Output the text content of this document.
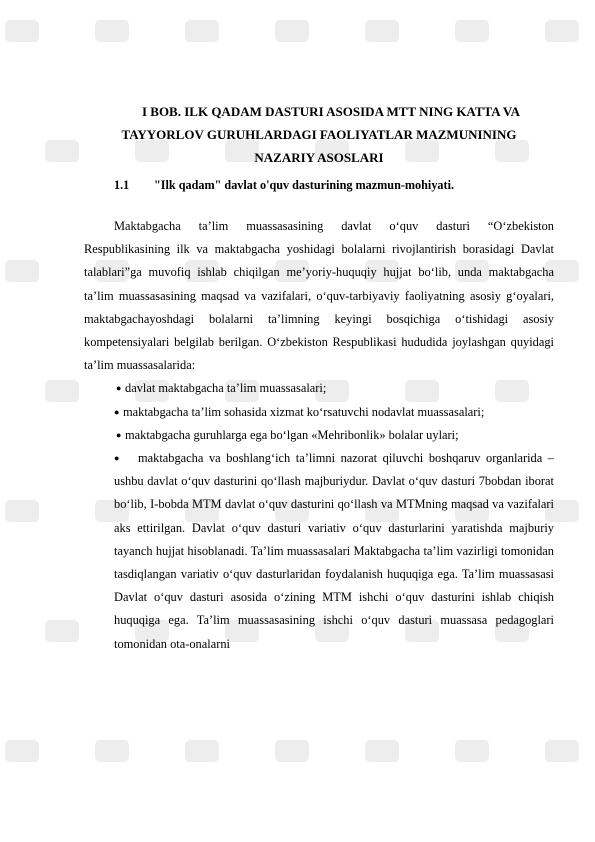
I BOB. ILK QADAM DASTURI ASOSIDA MTT NING KATTA VA
TAYYORLOV GURUHLARDAGI FAOLIYATLAR MAZMUNINING
NAZARIY ASOSLARI
1.1 "Ilk qadam" davlat o'quv dasturining mazmun-mohiyati.

Maktabgacha ta’lim muassasasining davlat o‘quv dasturi “O‘zbekiston Respublikasining ilk va maktabgacha yoshidagi bolalarni rivojlantirish borasidagi Davlat talablari”ga muvofiq ishlab chiqilgan me’yoriy-huquqiy hujjat bo‘lib, unda maktabgacha ta’lim muassasasining maqsad va vazifalari, o‘quv-tarbiyaviy faoliyatning asosiy g‘oyalari, maktabgachayoshdagi bolalarni ta’limning keyingi bosqichiga o‘tishidagi asosiy kompetensiyalari belgilab berilgan. O‘zbekiston Respublikasi hududida joylashgan quyidagi ta’lim muassasalarida:

● davlat maktabgacha ta’lim muassasalari;

● maktabgacha ta’lim sohasida xizmat ko‘rsatuvchi nodavlat muassasalari;

● maktabgacha guruhlarga ega bo‘lgan «Mehribonlik» bolalar uylari;

● maktabgacha va boshlang‘ich ta’limni nazorat qiluvchi boshqaruv organlarida – ushbu davlat o‘quv dasturini qo‘llash majburiydur. Davlat o‘quv dasturi 7bobdan iborat bo‘lib, I-bobda MTM davlat o‘quv dasturini qo‘llash va MTMning maqsad va vazifalari aks ettirilgan. Davlat o‘quv dasturi variativ o‘quv dasturlarini yaratishda majburiy tayanch hujjat hisoblanadi. Ta’lim muassasalari Maktabgacha ta’lim vazirligi tomonidan tasdiqlangan variativ o‘quv dasturlaridan foydalanish huquqiga ega. Ta’lim muassasasi Davlat o‘quv dasturi asosida o‘zining MTM ishchi o‘quv dasturini ishlab chiqish huquqiga ega. Ta’lim muassasasining ishchi o‘quv dasturi muassasa pedagoglari tomonidan ota-onalarni
